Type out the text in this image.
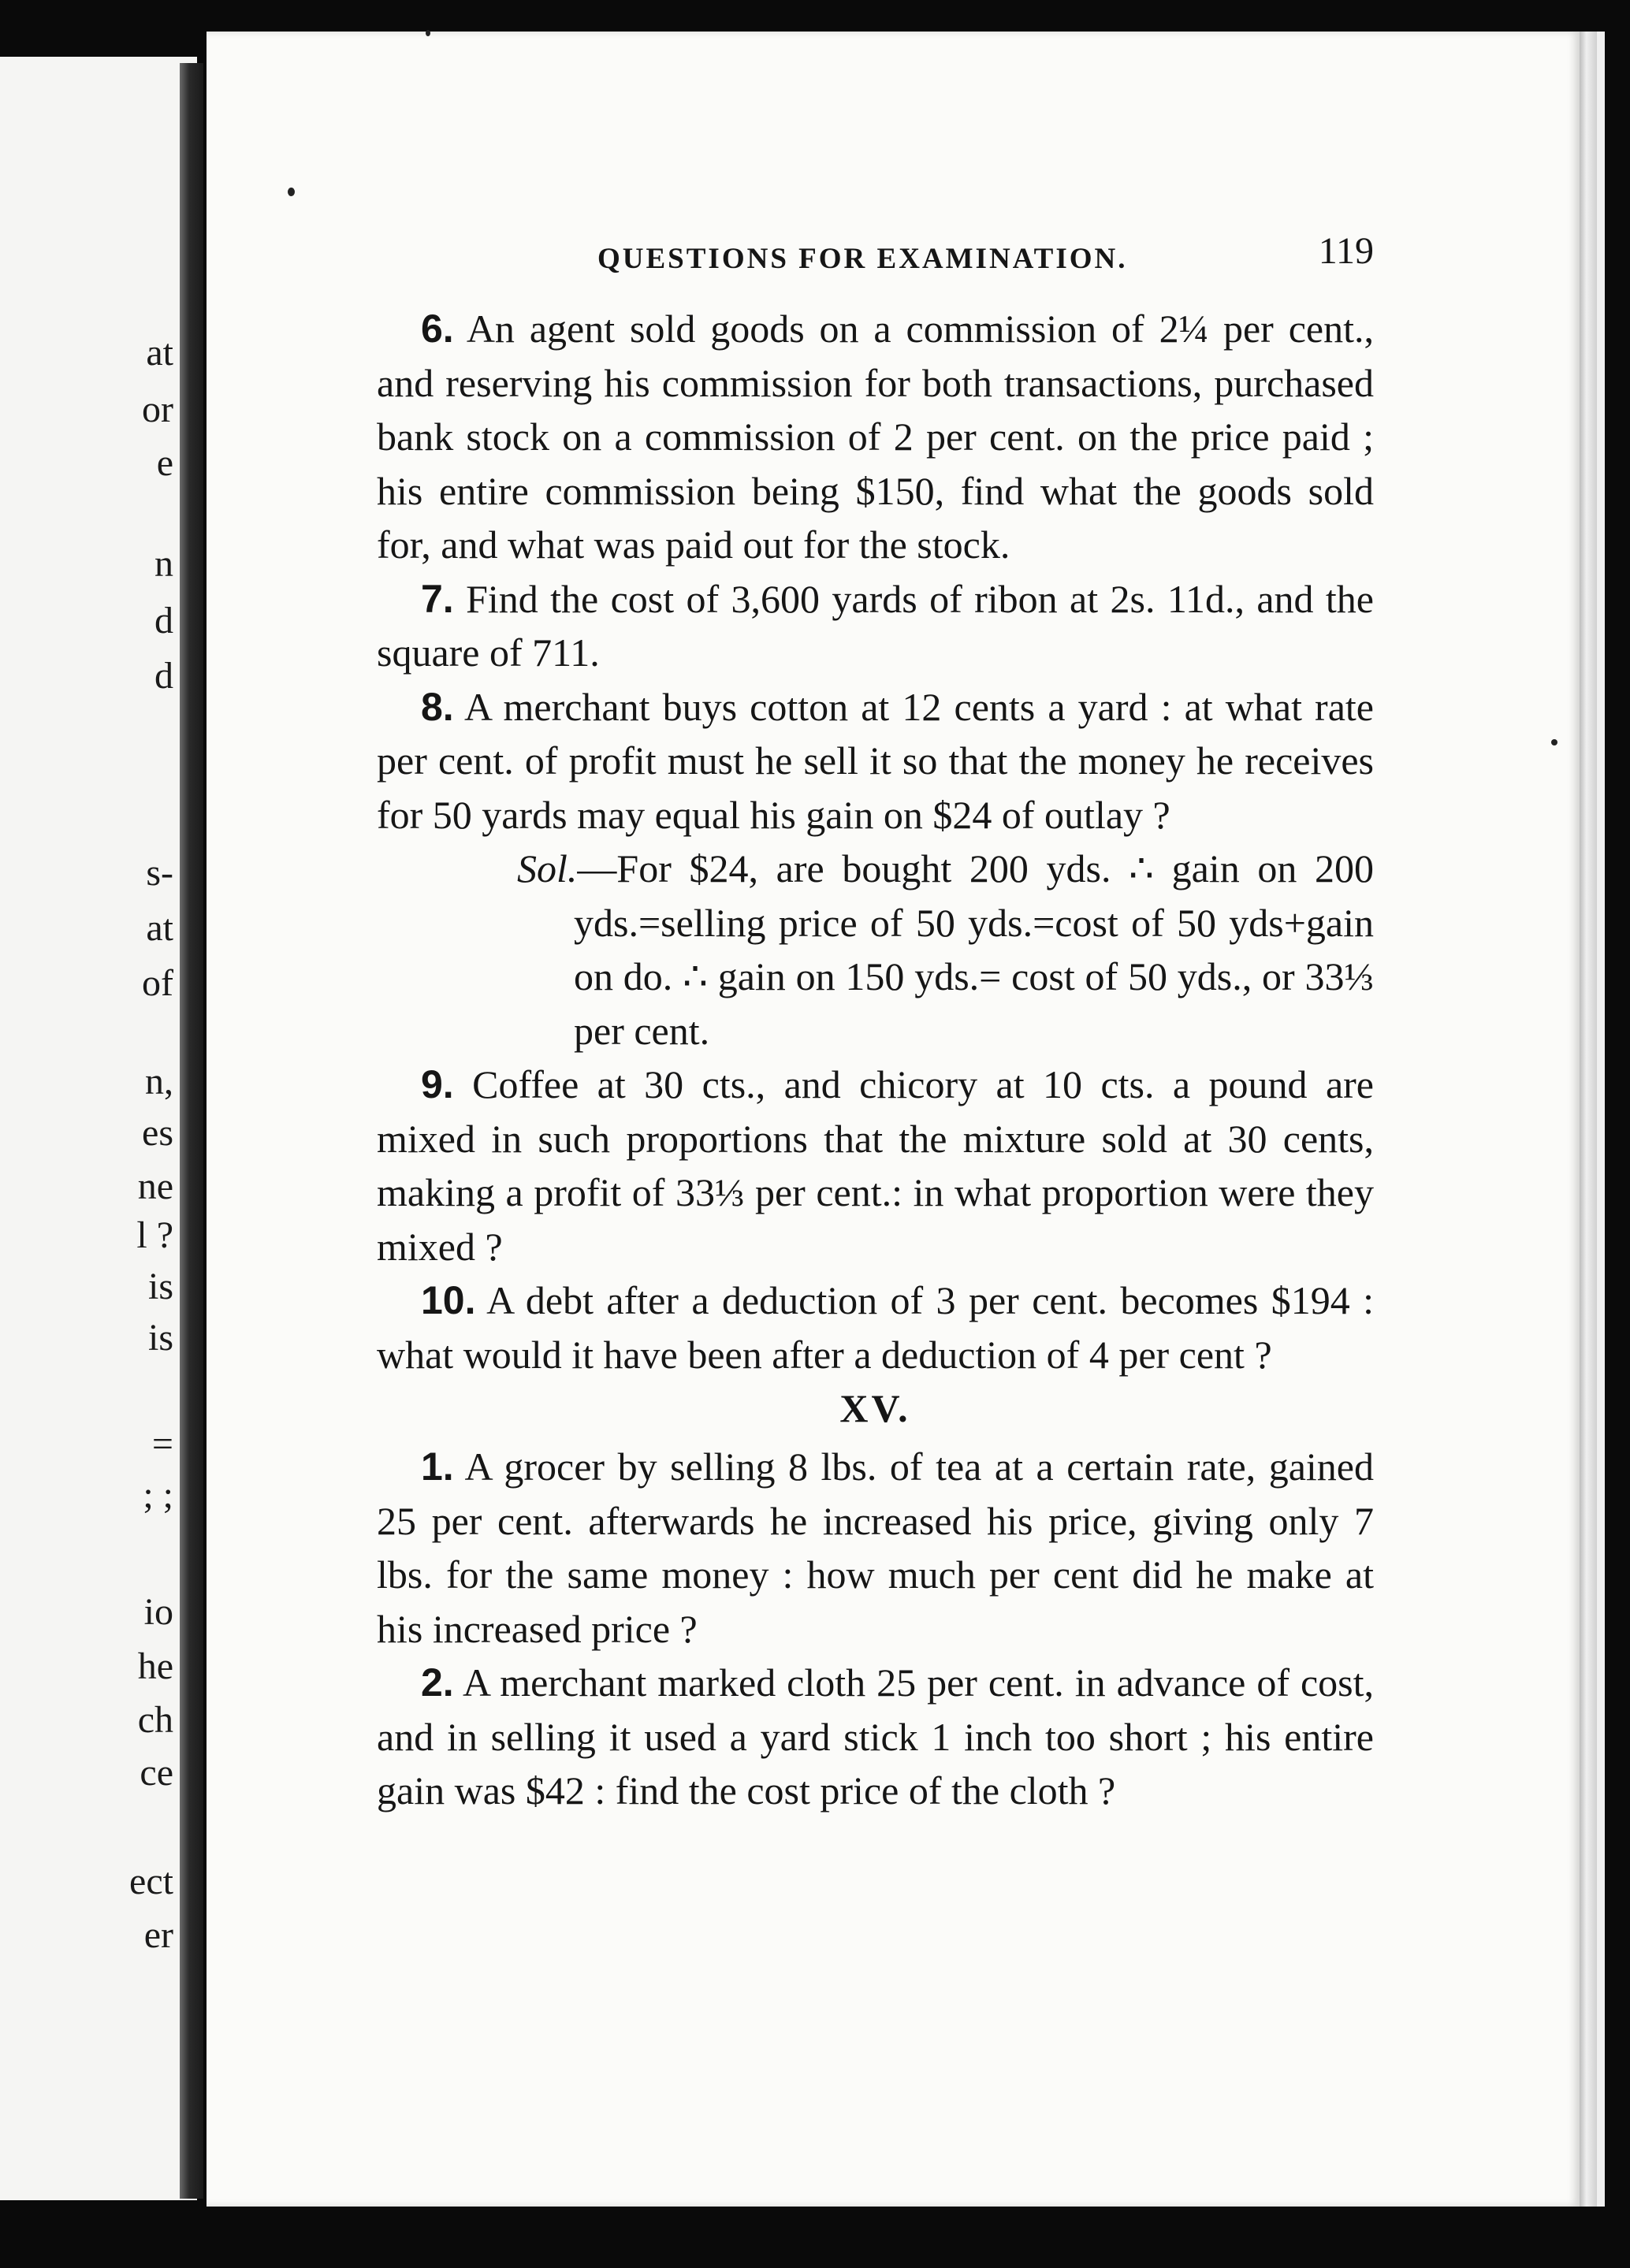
at
or
e
n
d
d
s-
at
of
n,
es
ne
l ?
is
is
=
; ;
io
he
ch
ce
ect
er
QUESTIONS FOR EXAMINATION.	119

6. An agent sold goods on a commission of 2¼ per cent., and reserving his commission for both transactions, purchased bank stock on a commission of 2 per cent. on the price paid ; his entire commission being $150, find what the goods sold for, and what was paid out for the stock.

7. Find the cost of 3,600 yards of ribon at 2s. 11d., and the square of 711.

8. A merchant buys cotton at 12 cents a yard : at what rate per cent. of profit must he sell it so that the money he receives for 50 yards may equal his gain on $24 of outlay ?

Sol.—For $24, are bought 200 yds. ∴ gain on 200 yds.=selling price of 50 yds.=cost of 50 yds+gain on do. ∴ gain on 150 yds.= cost of 50 yds., or 33⅓ per cent.

9. Coffee at 30 cts., and chicory at 10 cts. a pound are mixed in such proportions that the mixture sold at 30 cents, making a profit of 33⅓ per cent.: in what proportion were they mixed ?

10. A debt after a deduction of 3 per cent. becomes $194 : what would it have been after a deduction of 4 per cent ?

XV.

1. A grocer by selling 8 lbs. of tea at a certain rate, gained 25 per cent. afterwards he increased his price, giving only 7 lbs. for the same money : how much per cent did he make at his increased price ?

2. A merchant marked cloth 25 per cent. in advance of cost, and in selling it used a yard stick 1 inch too short ; his entire gain was $42 : find the cost price of the cloth ?
